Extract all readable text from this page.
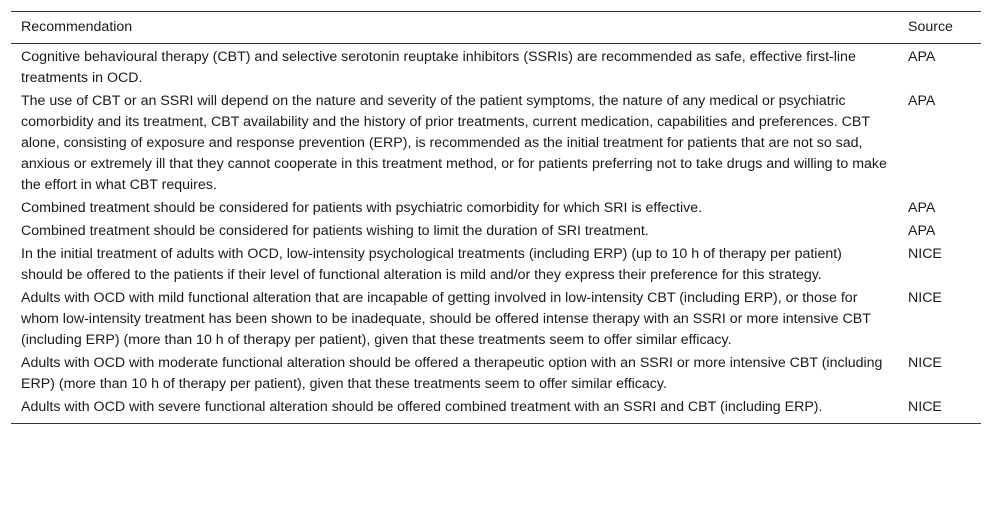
Recommendation	Source
Cognitive behavioural therapy (CBT) and selective serotonin reuptake inhibitors (SSRIs) are recommended as safe, effective first-line treatments in OCD.	APA
The use of CBT or an SSRI will depend on the nature and severity of the patient symptoms, the nature of any medical or psychiatric comorbidity and its treatment, CBT availability and the history of prior treatments, current medication, capabilities and preferences. CBT alone, consisting of exposure and response prevention (ERP), is recommended as the initial treatment for patients that are not so sad, anxious or extremely ill that they cannot cooperate in this treatment method, or for patients preferring not to take drugs and willing to make the effort in what CBT requires.	APA
Combined treatment should be considered for patients with psychiatric comorbidity for which SRI is effective.	APA
Combined treatment should be considered for patients wishing to limit the duration of SRI treatment.	APA
In the initial treatment of adults with OCD, low-intensity psychological treatments (including ERP) (up to 10 h of therapy per patient) should be offered to the patients if their level of functional alteration is mild and/or they express their preference for this strategy.	NICE
Adults with OCD with mild functional alteration that are incapable of getting involved in low-intensity CBT (including ERP), or those for whom low-intensity treatment has been shown to be inadequate, should be offered intense therapy with an SSRI or more intensive CBT (including ERP) (more than 10 h of therapy per patient), given that these treatments seem to offer similar efficacy.	NICE
Adults with OCD with moderate functional alteration should be offered a therapeutic option with an SSRI or more intensive CBT (including ERP) (more than 10 h of therapy per patient), given that these treatments seem to offer similar efficacy.	NICE
Adults with OCD with severe functional alteration should be offered combined treatment with an SSRI and CBT (including ERP).	NICE
